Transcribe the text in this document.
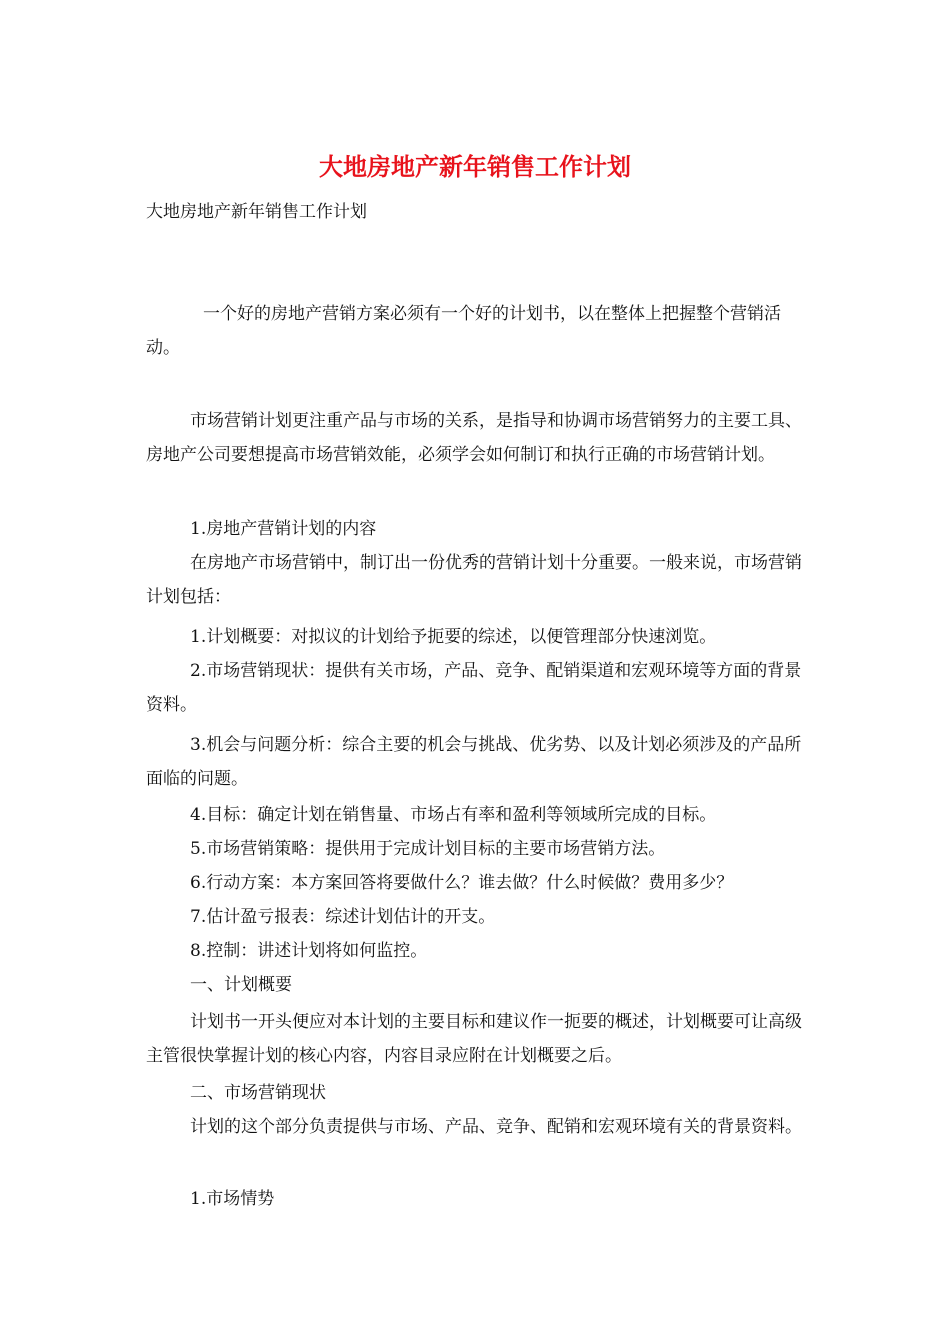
大地房地产新年销售工作计划
大地房地产新年销售工作计划

一个好的房地产营销方案必须有一个好的计划书，以在整体上把握整个营销活动。

市场营销计划更注重产品与市场的关系，是指导和协调市场营销努力的主要工具、房地产公司要想提高市场营销效能，必须学会如何制订和执行正确的市场营销计划。

1.房地产营销计划的内容

在房地产市场营销中，制订出一份优秀的营销计划十分重要。一般来说，市场营销计划包括：

1.计划概要：对拟议的计划给予扼要的综述，以便管理部分快速浏览。

2.市场营销现状：提供有关市场，产品、竞争、配销渠道和宏观环境等方面的背景资料。

3.机会与问题分析：综合主要的机会与挑战、优劣势、以及计划必须涉及的产品所面临的问题。

4.目标：确定计划在销售量、市场占有率和盈利等领域所完成的目标。

5.市场营销策略：提供用于完成计划目标的主要市场营销方法。

6.行动方案：本方案回答将要做什么？谁去做？什么时候做？费用多少？

7.估计盈亏报表：综述计划估计的开支。

8.控制：讲述计划将如何监控。

一、计划概要

计划书一开头便应对本计划的主要目标和建议作一扼要的概述，计划概要可让高级主管很快掌握计划的核心内容，内容目录应附在计划概要之后。

二、市场营销现状

计划的这个部分负责提供与市场、产品、竞争、配销和宏观环境有关的背景资料。

1.市场情势
